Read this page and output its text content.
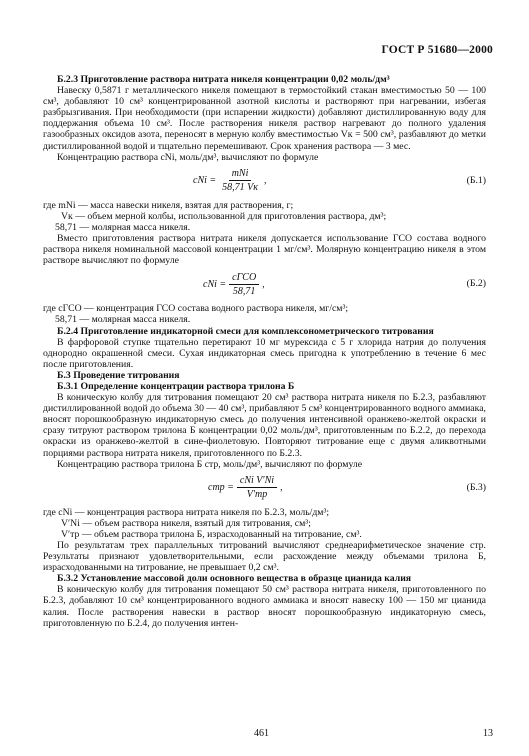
ГОСТ Р 51680—2000

Б.2.3 Приготовление раствора нитрата никеля концентрации 0,02 моль/дм³

Навеску 0,5871 г металлического никеля помещают в термостойкий стакан вместимостью 50 — 100 см³, добавляют 10 см³ концентрированной азотной кислоты и растворяют при нагревании, избегая разбрызгивания. При необходимости (при испарении жидкости) добавляют дистиллированную воду для поддержания объема 10 см³. После растворения никеля раствор нагревают до полного удаления газообразных оксидов азота, переносят в мерную колбу вместимостью Vк = 500 см³, разбавляют до метки дистиллированной водой и тщательно перемешивают. Срок хранения раствора — 3 мес.

Концентрацию раствора cNi, моль/дм³, вычисляют по формуле

cNi = $\frac{\text{mNi}}{58,71 Vк}$ ,	(Б.1)

где mNi — масса навески никеля, взятая для растворения, г;

Vк — объем мерной колбы, использованной для приготовления раствора, дм³;

58,71 — молярная масса никеля.

Вместо приготовления раствора нитрата никеля допускается использование ГСО состава водного раствора никеля номинальной массовой концентрации 1 мг/см³. Молярную концентрацию никеля в этом растворе вычисляют по формуле

cNi = $\frac{\text{cГСО}}{58,71}$ ,	(Б.2)

где cГСО — концентрация ГСО состава водного раствора никеля, мг/см³;

58,71 — молярная масса никеля.

Б.2.4 Приготовление индикаторной смеси для комплексонометрического титрования

В фарфоровой ступке тщательно перетирают 10 мг мурексида с 5 г хлорида натрия до получения однородно окрашенной смеси. Сухая индикаторная смесь пригодна к употреблению в течение 6 мес после приготовления.

Б.3 Проведение титрования

Б.3.1 Определение концентрации раствора трилона Б

В коническую колбу для титрования помещают 20 см³ раствора нитрата никеля по Б.2.3, разбавляют дистиллированной водой до объема 30 — 40 см³, прибавляют 5 см³ концентрированного водного аммиака, вносят порошкообразную индикаторную смесь до получения интенсивной оранжево-желтой окраски и сразу титруют раствором трилона Б концентрации 0,02 моль/дм³, приготовленным по Б.2.2, до перехода окраски из оранжево-желтой в сине-фиолетовую. Повторяют титрование еще с двумя аликвотными порциями раствора нитрата никеля, приготовленного по Б.2.3.

Концентрацию раствора трилона Б cтр, моль/дм³, вычисляют по формуле

cтр = $\frac{\text{cNi V′Ni}}{V'тр}$ ,	(Б.3)

где cNi — концентрация раствора нитрата никеля по Б.2.3, моль/дм³;

V′Ni — объем раствора никеля, взятый для титрования, см³;

V′тр — объем раствора трилона Б, израсходованный на титрование, см³.

По результатам трех параллельных титрований вычисляют среднеарифметическое значение cтр. Результаты признают удовлетворительными, если расхождение между объемами трилона Б, израсходованными на титрование, не превышает 0,2 см³.

Б.3.2 Установление массовой доли основного вещества в образце цианида калия

В коническую колбу для титрования помещают 50 см³ раствора нитрата никеля, приготовленного по Б.2.3, добавляют 10 см³ концентрированного водного аммиака и вносят навеску 100 — 150 мг цианида калия. После растворения навески в раствор вносят порошкообразную индикаторную смесь, приготовленную по Б.2.4, до получения интен-

461	13
